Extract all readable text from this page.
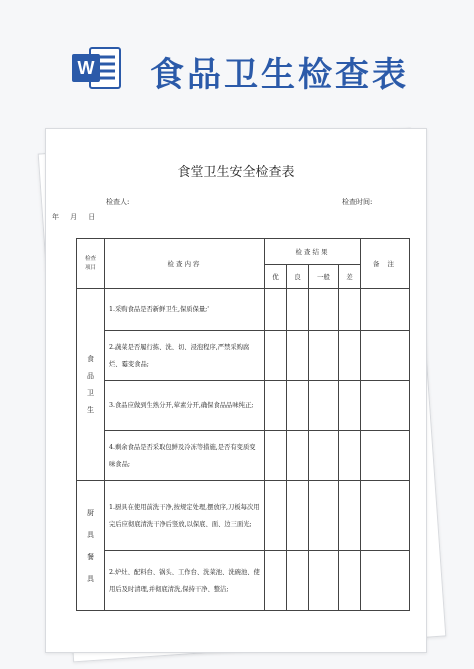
W 食品卫生检查表
食堂卫生安全检查表
检查人:	检查时间:
年     月     日
检查
项目	检查内容	检查结果				备 注
		优	良	一般	差	
食
品
卫
生	1.采购食品是否新鲜卫生,保质保量;'					
	2.蔬菜是否履行拣、洗、切、浸泡程序,严禁采购腐烂、霉变食品;					
	3.食品应做到生熟分开,荤素分开,确保食品品味纯正;					
	4.剩余食品是否采取包鲜及冷冻等措施,是否有变质变味食品;					
厨
具
餐
具	1.厨具在使用前洗干净,按规定处理,摆放序,刀板每次用完后应彻底清洗干净后竖放,以保底、面、边三面光;					
	2.炉灶、配料台、锅头、工作台、洗菜池、洗碗池、使用后及时清理,并彻底清洗,保持干净、整洁;					
